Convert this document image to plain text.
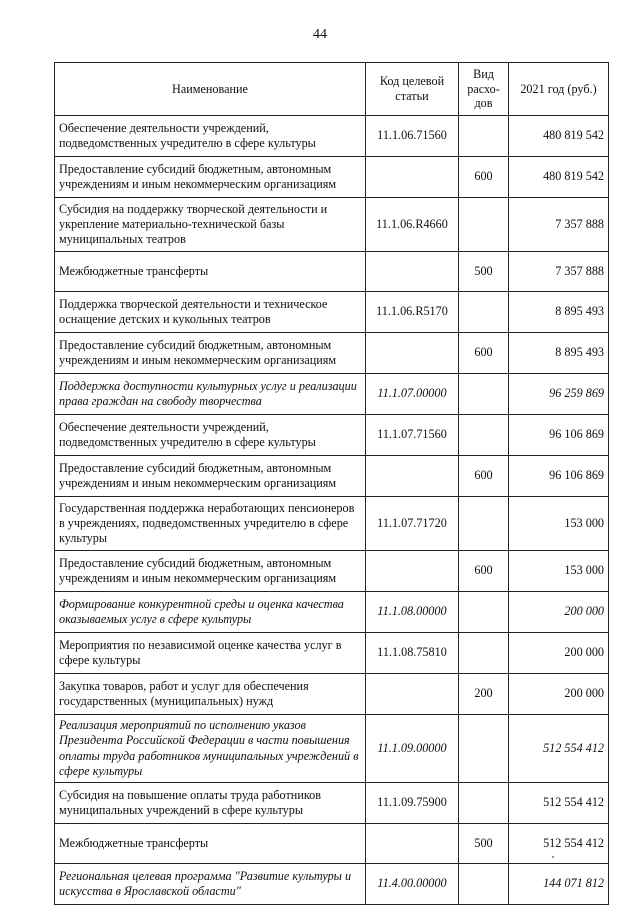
44
Наименование	Код целевой статьи	Вид расхо-дов	2021 год (руб.)
Обеспечение деятельности учреждений, подведомственных учредителю в сфере культуры	11.1.06.71560		480 819 542
Предоставление субсидий бюджетным, автономным учреждениям и иным некоммерческим организациям		600	480 819 542
Субсидия на поддержку творческой деятельности и укрепление материально-технической базы муниципальных театров	11.1.06.R4660		7 357 888
Межбюджетные трансферты		500	7 357 888
Поддержка творческой деятельности и техническое оснащение детских и кукольных театров	11.1.06.R5170		8 895 493
Предоставление субсидий бюджетным, автономным учреждениям и иным некоммерческим организациям		600	8 895 493
Поддержка доступности культурных услуг и реализации права граждан на свободу творчества	11.1.07.00000		96 259 869
Обеспечение деятельности учреждений, подведомственных учредителю в сфере культуры	11.1.07.71560		96 106 869
Предоставление субсидий бюджетным, автономным учреждениям и иным некоммерческим организациям		600	96 106 869
Государственная поддержка неработающих пенсионеров в учреждениях, подведомственных учредителю в сфере культуры	11.1.07.71720		153 000
Предоставление субсидий бюджетным, автономным учреждениям и иным некоммерческим организациям		600	153 000
Формирование конкурентной среды и оценка качества оказываемых услуг в сфере культуры	11.1.08.00000		200 000
Мероприятия по независимой оценке качества услуг в сфере культуры	11.1.08.75810		200 000
Закупка товаров, работ и услуг для обеспечения государственных (муниципальных) нужд		200	200 000
Реализация мероприятий по исполнению указов Президента Российской Федерации в части повышения оплаты труда работников муниципальных учреждений в сфере культуры	11.1.09.00000		512 554 412
Субсидия на повышение оплаты труда работников муниципальных учреждений в сфере культуры	11.1.09.75900		512 554 412
Межбюджетные трансферты		500	512 554 412
Региональная целевая программа "Развитие культуры и искусства в Ярославской области"	11.4.00.00000		144 071 812
